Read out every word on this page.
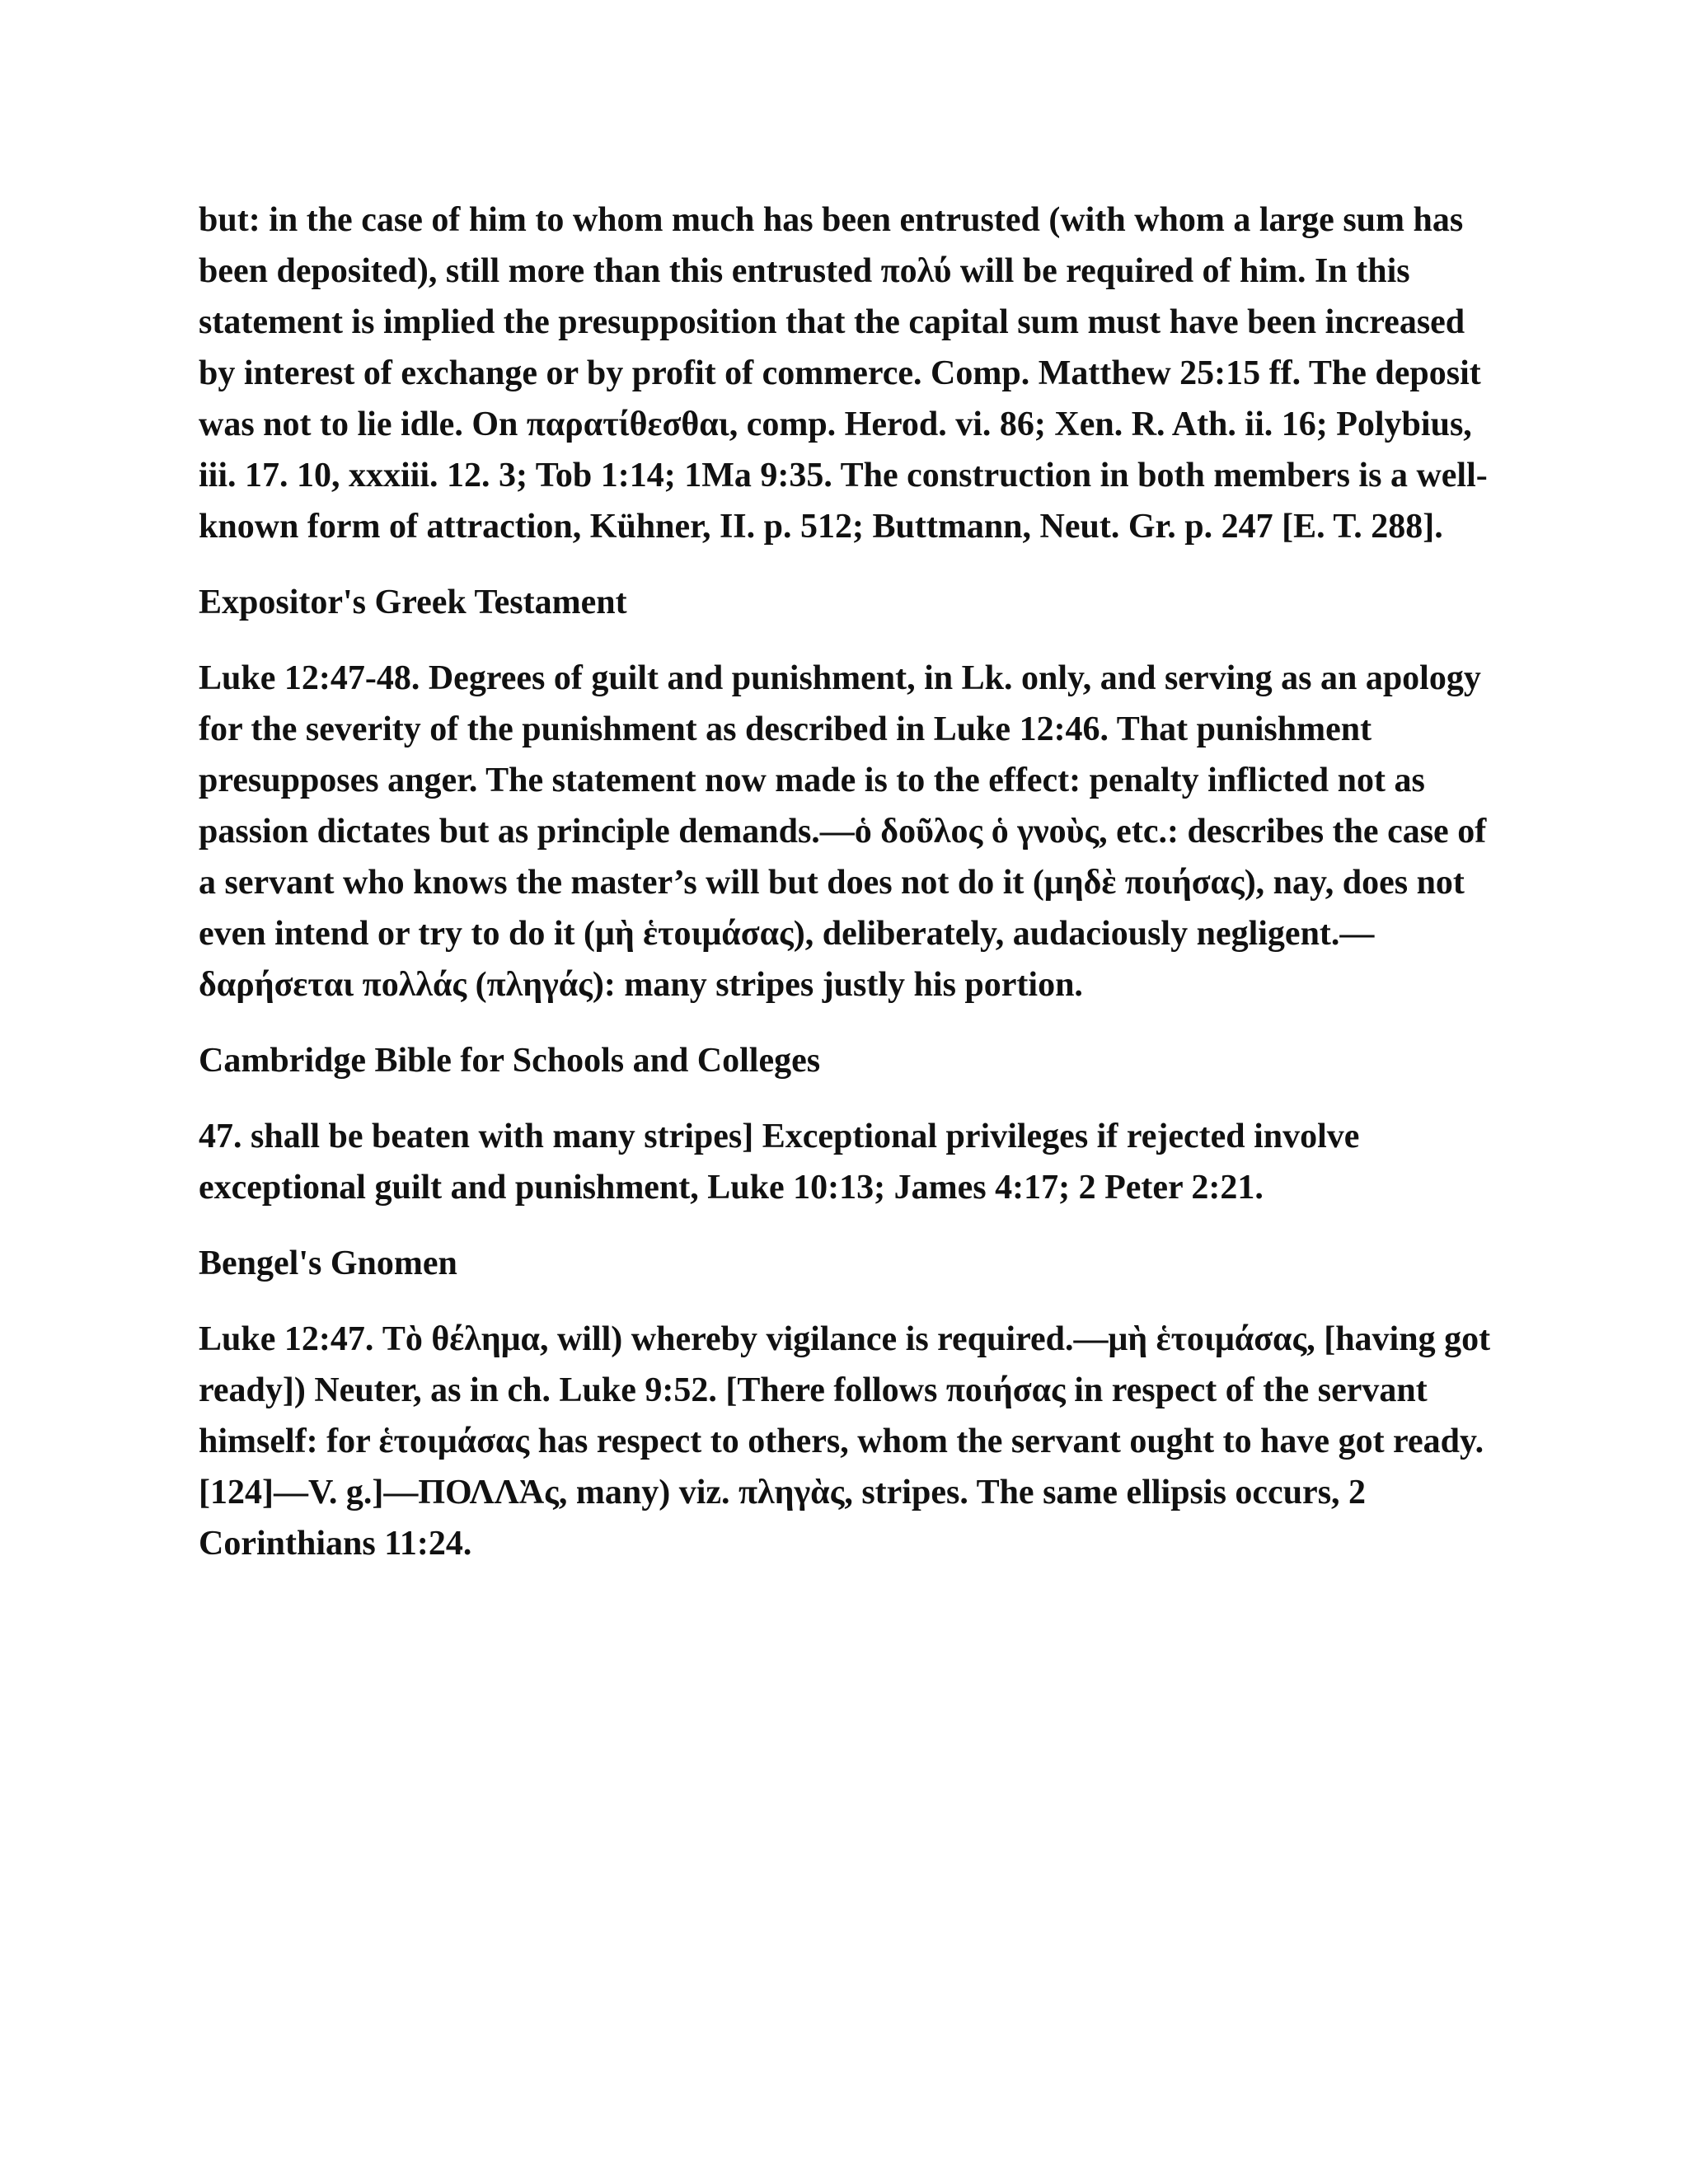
but: in the case of him to whom much has been entrusted (with whom a large sum has been deposited), still more than this entrusted πολύ will be required of him. In this statement is implied the presupposition that the capital sum must have been increased by interest of exchange or by profit of commerce. Comp. Matthew 25:15 ff. The deposit was not to lie idle. On παρατίθεσθαι, comp. Herod. vi. 86; Xen. R. Ath. ii. 16; Polybius, iii. 17. 10, xxxiii. 12. 3; Tob 1:14; 1Ma 9:35. The construction in both members is a well-known form of attraction, Kühner, II. p. 512; Buttmann, Neut. Gr. p. 247 [E. T. 288].

Expositor's Greek Testament

Luke 12:47-48. Degrees of guilt and punishment, in Lk. only, and serving as an apology for the severity of the punishment as described in Luke 12:46. That punishment presupposes anger. The statement now made is to the effect: penalty inflicted not as passion dictates but as principle demands.—ὁ δοῦλος ὁ γνοὺς, etc.: describes the case of a servant who knows the master’s will but does not do it (μηδὲ ποιήσας), nay, does not even intend or try to do it (μὴ ἑτοιμάσας), deliberately, audaciously negligent.—δαρήσεται πολλάς (πληγάς): many stripes justly his portion.

Cambridge Bible for Schools and Colleges

47. shall be beaten with many stripes] Exceptional privileges if rejected involve exceptional guilt and punishment, Luke 10:13; James 4:17; 2 Peter 2:21.

Bengel's Gnomen

Luke 12:47. Τὸ θέλημα, will) whereby vigilance is required.—μὴ ἑτοιμάσας, [having got ready]) Neuter, as in ch. Luke 9:52. [There follows ποιήσας in respect of the servant himself: for ἑτοιμάσας has respect to others, whom the servant ought to have got ready.[124]—V. g.]—ΠΟΛΛᾺς, many) viz. πληγὰς, stripes. The same ellipsis occurs, 2 Corinthians 11:24.
